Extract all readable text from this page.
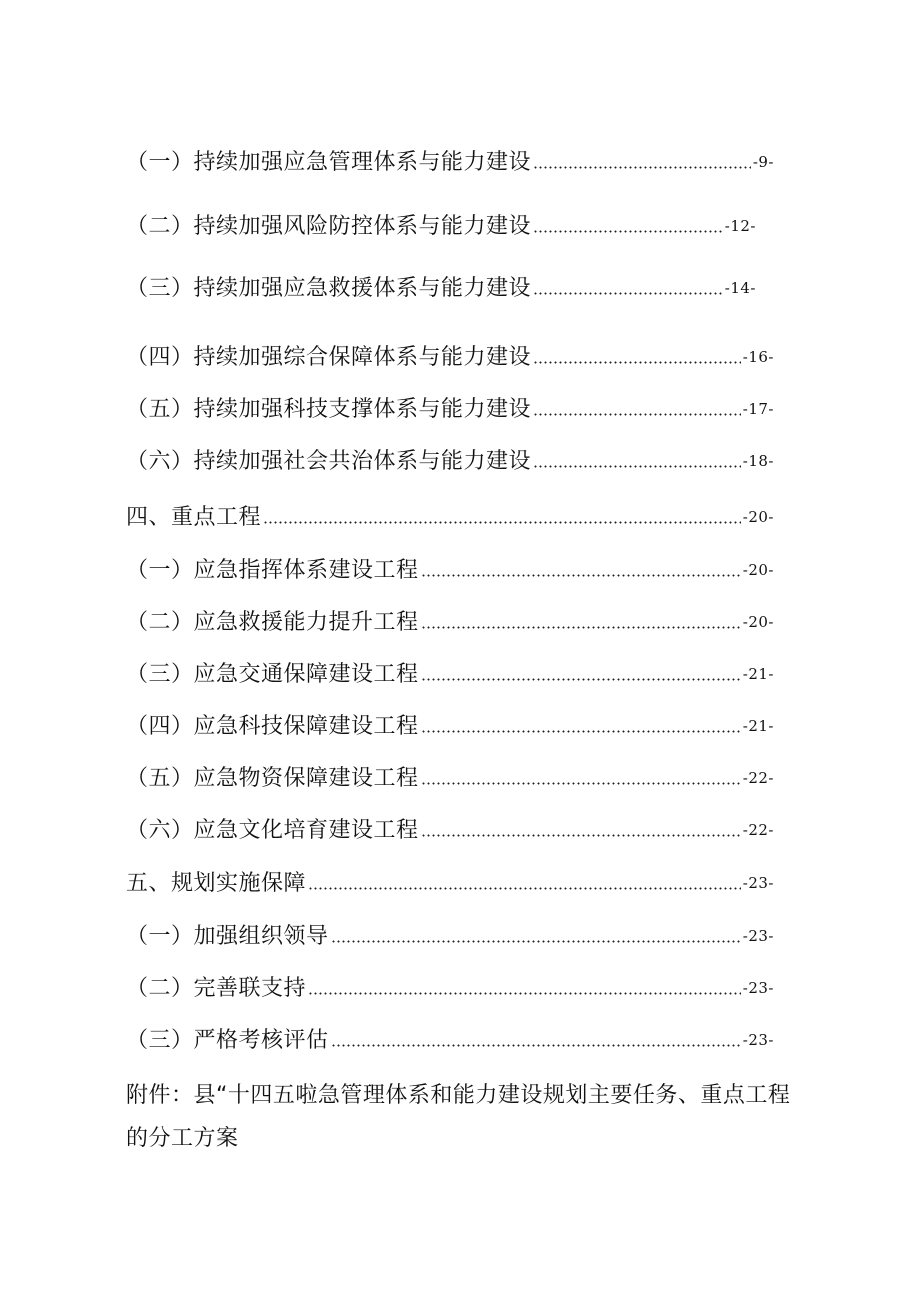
（一）持续加强应急管理体系与能力建设	-9-
（二）持续加强风险防控体系与能力建设	-12-
（三）持续加强应急救援体系与能力建设	-14-
（四）持续加强综合保障体系与能力建设	-16-
（五）持续加强科技支撑体系与能力建设	-17-
（六）持续加强社会共治体系与能力建设	-18-
四、重点工程	-20-
（一）应急指挥体系建设工程	-20-
（二）应急救援能力提升工程	-20-
（三）应急交通保障建设工程	-21-
（四）应急科技保障建设工程	-21-
（五）应急物资保障建设工程	-22-
（六）应急文化培育建设工程	-22-
五、规划实施保障	-23-
（一）加强组织领导	-23-
（二）完善联支持	-23-
（三）严格考核评估	-23-
附件：县“十四五啦急管理体系和能力建设规划主要任务、重点工程的分工方案
